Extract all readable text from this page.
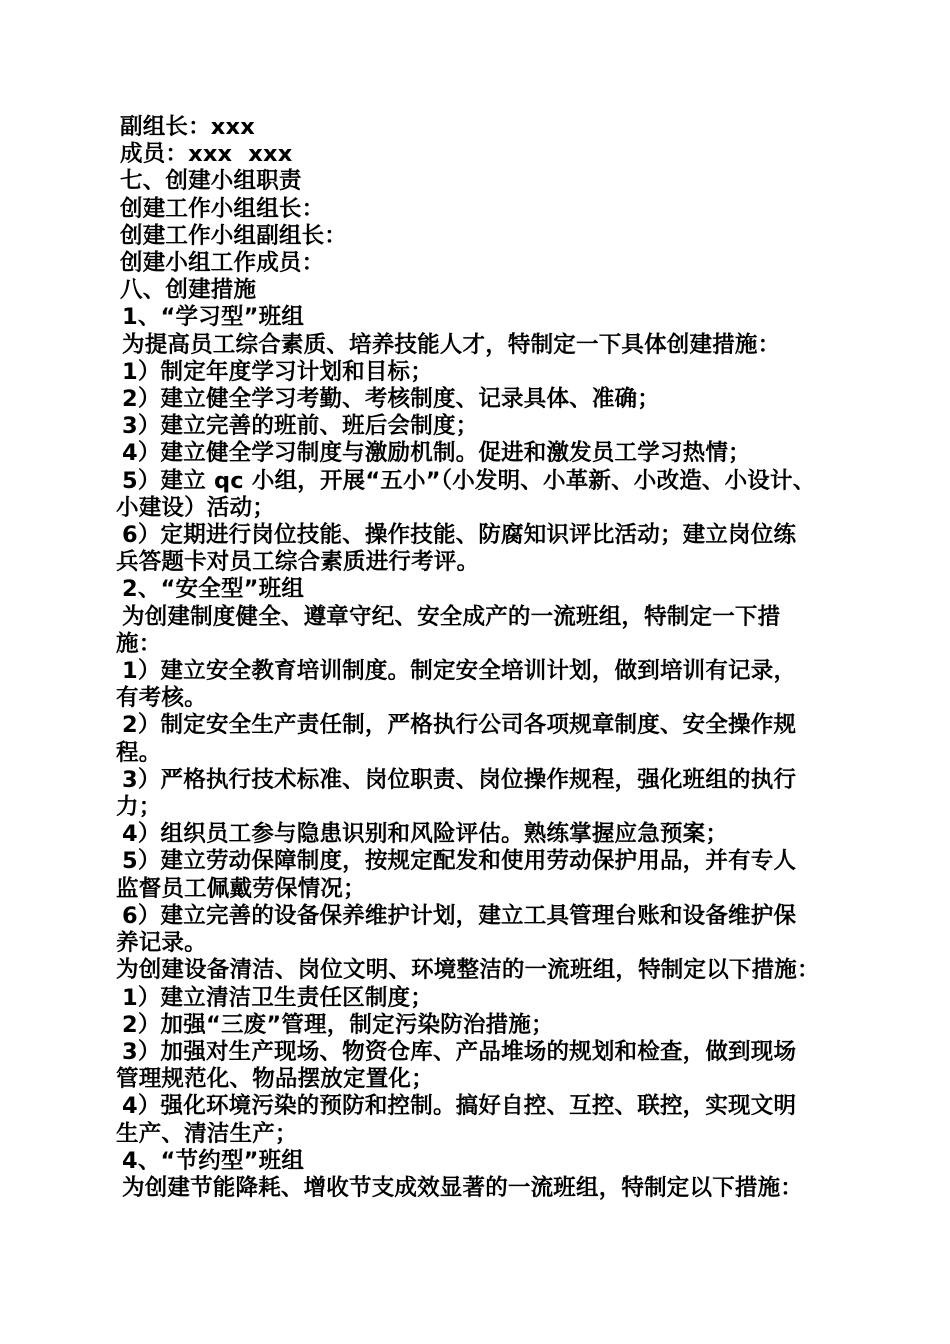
副组长：xxx
成员：xxx  xxx
七、创建小组职责
创建工作小组组长：
创建工作小组副组长：
创建小组工作成员：
八、创建措施
1、“学习型”班组
为提高员工综合素质、培养技能人才，特制定一下具体创建措施：
1）制定年度学习计划和目标；
2）建立健全学习考勤、考核制度、记录具体、准确；
3）建立完善的班前、班后会制度；
4）建立健全学习制度与激励机制。促进和激发员工学习热情；
5）建立 qc 小组，开展“五小”（小发明、小革新、小改造、小设计、
小建设）活动；
6）定期进行岗位技能、操作技能、防腐知识评比活动；建立岗位练
兵答题卡对员工综合素质进行考评。
2、“安全型”班组
为创建制度健全、遵章守纪、安全成产的一流班组，特制定一下措
施：
1）建立安全教育培训制度。制定安全培训计划，做到培训有记录，
有考核。
2）制定安全生产责任制，严格执行公司各项规章制度、安全操作规
程。
3）严格执行技术标准、岗位职责、岗位操作规程，强化班组的执行
力；
4）组织员工参与隐患识别和风险评估。熟练掌握应急预案；
5）建立劳动保障制度，按规定配发和使用劳动保护用品，并有专人
监督员工佩戴劳保情况；
6）建立完善的设备保养维护计划，建立工具管理台账和设备维护保
养记录。
为创建设备清洁、岗位文明、环境整洁的一流班组，特制定以下措施：
1）建立清洁卫生责任区制度；
2）加强“三废”管理，制定污染防治措施；
3）加强对生产现场、物资仓库、产品堆场的规划和检查，做到现场
管理规范化、物品摆放定置化；
4）强化环境污染的预防和控制。搞好自控、互控、联控，实现文明
生产、清洁生产；
4、“节约型”班组
为创建节能降耗、增收节支成效显著的一流班组，特制定以下措施：
